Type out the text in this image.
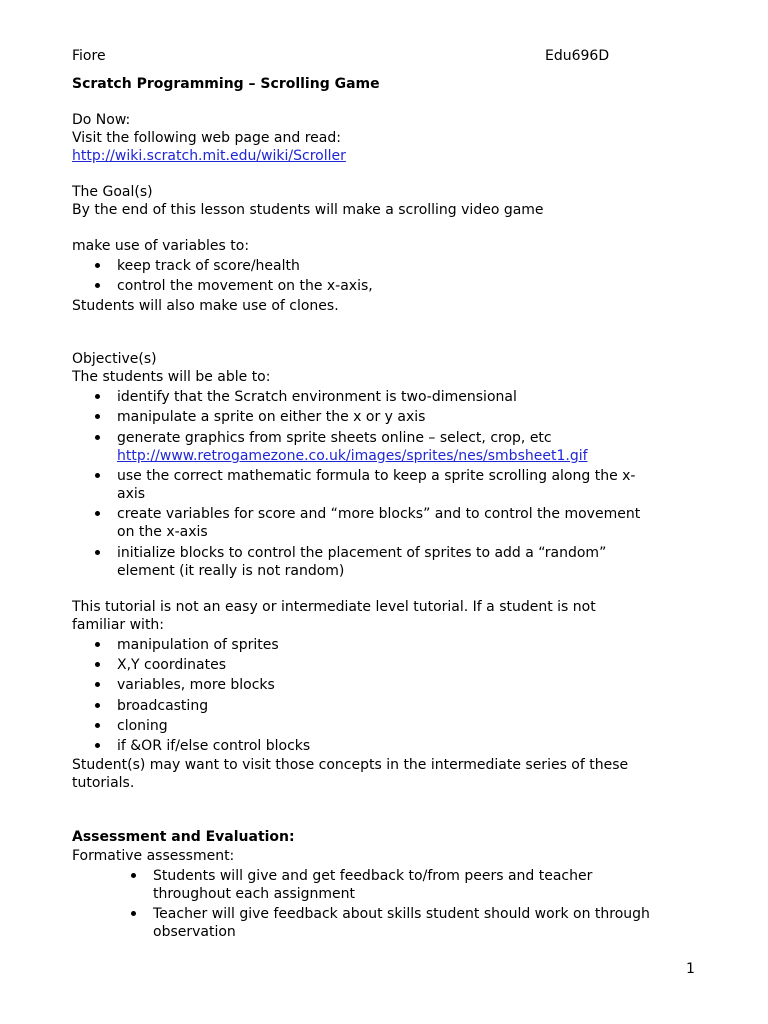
Fiore	Edu696D
Scratch Programming – Scrolling Game
Do Now:
Visit the following web page and read:
http://wiki.scratch.mit.edu/wiki/Scroller
The Goal(s)
By the end of this lesson students will make a scrolling video game
make use of variables to:
keep track of score/health
control the movement on the x-axis,
Students will also make use of clones.
Objective(s)
The students will be able to:
identify that the Scratch environment is two-dimensional
manipulate a sprite on either the x or y axis
generate graphics from sprite sheets online – select, crop, etc
http://www.retrogamezone.co.uk/images/sprites/nes/smbsheet1.gif
use the correct mathematic formula to keep a sprite scrolling along the x-
axis
create variables for score and “more blocks” and to control the movement
on the x-axis
initialize blocks to control the placement of sprites to add a “random”
element (it really is not random)
This tutorial is not an easy or intermediate level tutorial. If a student is not
familiar with:
manipulation of sprites
X,Y coordinates
variables, more blocks
broadcasting
cloning
if &OR if/else control blocks
Student(s) may want to visit those concepts in the intermediate series of these
tutorials.
Assessment and Evaluation:
Formative assessment:
Students will give and get feedback to/from peers and teacher
throughout each assignment
Teacher will give feedback about skills student should work on through
observation
1
